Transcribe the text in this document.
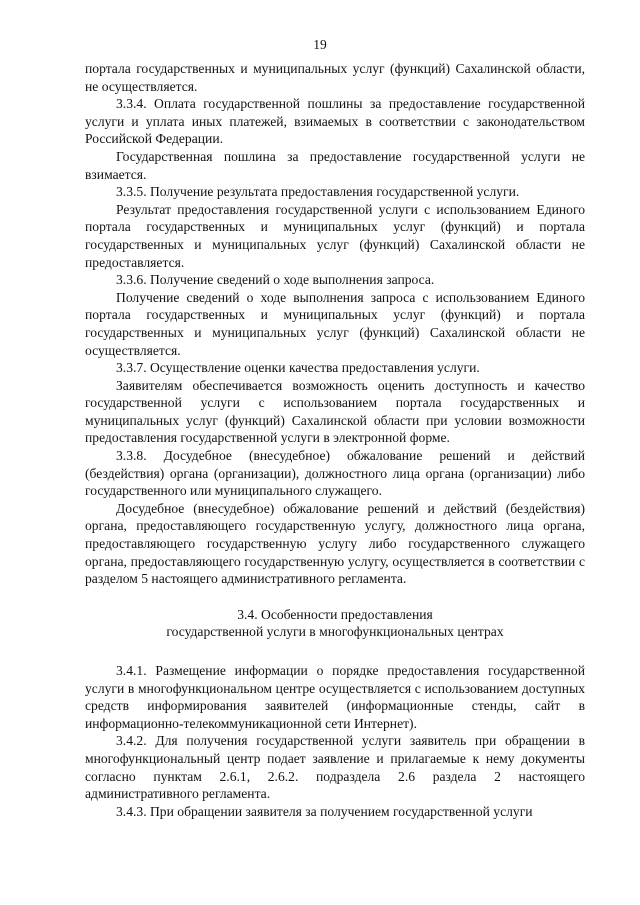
19

портала государственных и муниципальных услуг (функций) Сахалинской области, не осуществляется.

3.3.4. Оплата государственной пошлины за предоставление государственной услуги и уплата иных платежей, взимаемых в соответствии с законодательством Российской Федерации.

Государственная пошлина за предоставление государственной услуги не взимается.

3.3.5. Получение результата предоставления государственной услуги.

Результат предоставления государственной услуги с использованием Единого портала государственных и муниципальных услуг (функций) и портала государственных и муниципальных услуг (функций) Сахалинской области не предоставляется.

3.3.6. Получение сведений о ходе выполнения запроса.

Получение сведений о ходе выполнения запроса с использованием Единого портала государственных и муниципальных услуг (функций) и портала государственных и муниципальных услуг (функций) Сахалинской области не осуществляется.

3.3.7. Осуществление оценки качества предоставления услуги.

Заявителям обеспечивается возможность оценить доступность и качество государственной услуги с использованием портала государственных и муниципальных услуг (функций) Сахалинской области при условии возможности предоставления государственной услуги в электронной форме.

3.3.8. Досудебное (внесудебное) обжалование решений и действий (бездействия) органа (организации), должностного лица органа (организации) либо государственного или муниципального служащего.

Досудебное (внесудебное) обжалование решений и действий (бездействия) органа, предоставляющего государственную услугу, должностного лица органа, предоставляющего государственную услугу либо государственного служащего органа, предоставляющего государственную услугу, осуществляется в соответствии с разделом 5 настоящего административного регламента.

3.4. Особенности предоставления
государственной услуги в многофункциональных центрах

3.4.1. Размещение информации о порядке предоставления государственной услуги в многофункциональном центре осуществляется с использованием доступных средств информирования заявителей (информационные стенды, сайт в информационно-телекоммуникационной сети Интернет).

3.4.2. Для получения государственной услуги заявитель при обращении в многофункциональный центр подает заявление и прилагаемые к нему документы согласно пунктам 2.6.1, 2.6.2. подраздела 2.6 раздела 2 настоящего административного регламента.

3.4.3. При обращении заявителя за получением государственной услуги
